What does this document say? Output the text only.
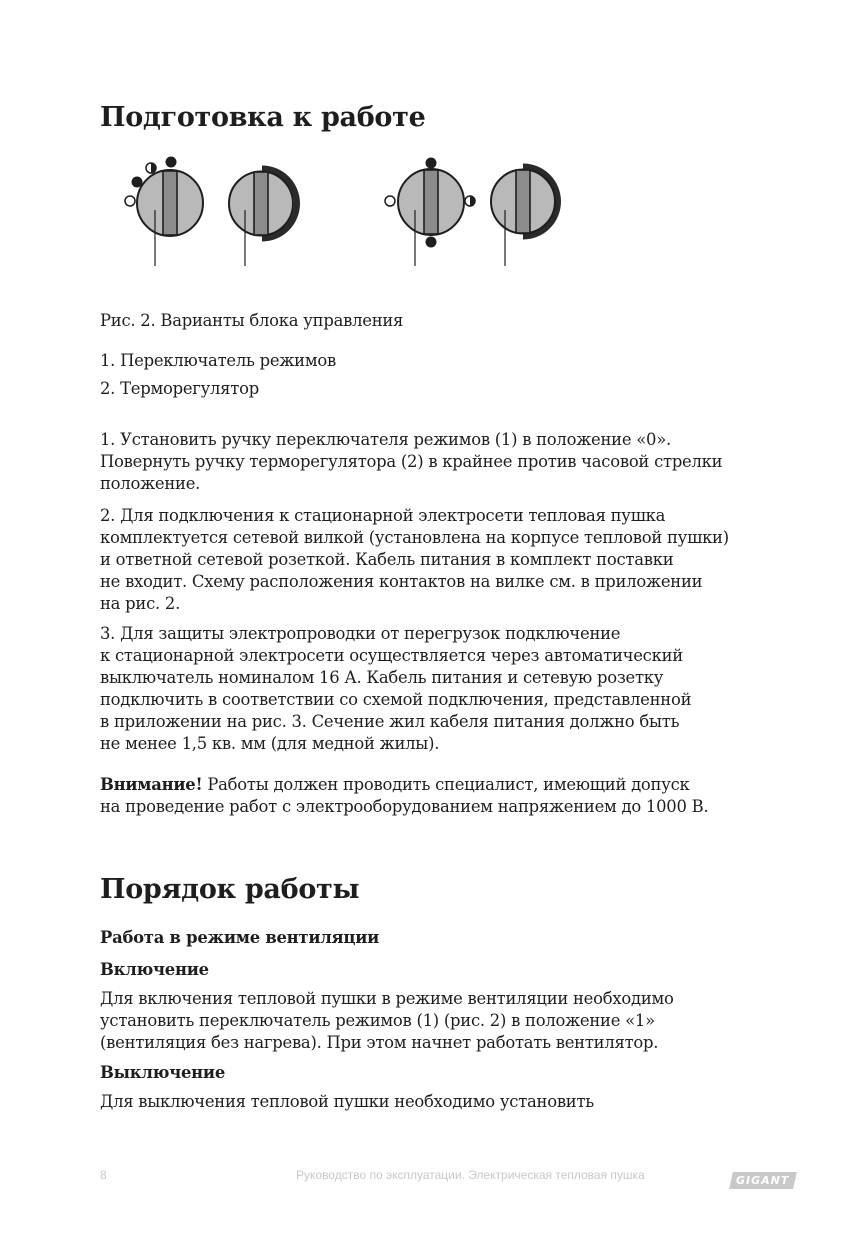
Подготовка к работе

Рис. 2. Варианты блока управления

1. Переключатель режимов

2. Терморегулятор

1. Установить ручку переключателя режимов (1) в положение «0».
Повернуть ручку терморегулятора (2) в крайнее против часовой стрелки
положение.

2. Для подключения к стационарной электросети тепловая пушка
комплектуется сетевой вилкой (установлена на корпусе тепловой пушки)
и ответной сетевой розеткой. Кабель питания в комплект поставки
не входит. Схему расположения контактов на вилке см. в приложении
на рис. 2.

3. Для защиты электропроводки от перегрузок подключение
к стационарной электросети осуществляется через автоматический
выключатель номиналом 16 А. Кабель питания и сетевую розетку
подключить в соответствии со схемой подключения, представленной
в приложении на рис. 3. Сечение жил кабеля питания должно быть
не менее 1,5 кв. мм (для медной жилы).

Внимание! Работы должен проводить специалист, имеющий допуск
на проведение работ с электрооборудованием напряжением до 1000 В.

Порядок работы

Работа в режиме вентиляции

Включение

Для включения тепловой пушки в режиме вентиляции необходимо
установить переключатель режимов (1) (рис. 2) в положение «1»
(вентиляция без нагрева). При этом начнет работать вентилятор.

Выключение

Для выключения тепловой пушки необходимо установить

8	Руководство по эксплуатации. Электрическая тепловая пушка	GIGANT
